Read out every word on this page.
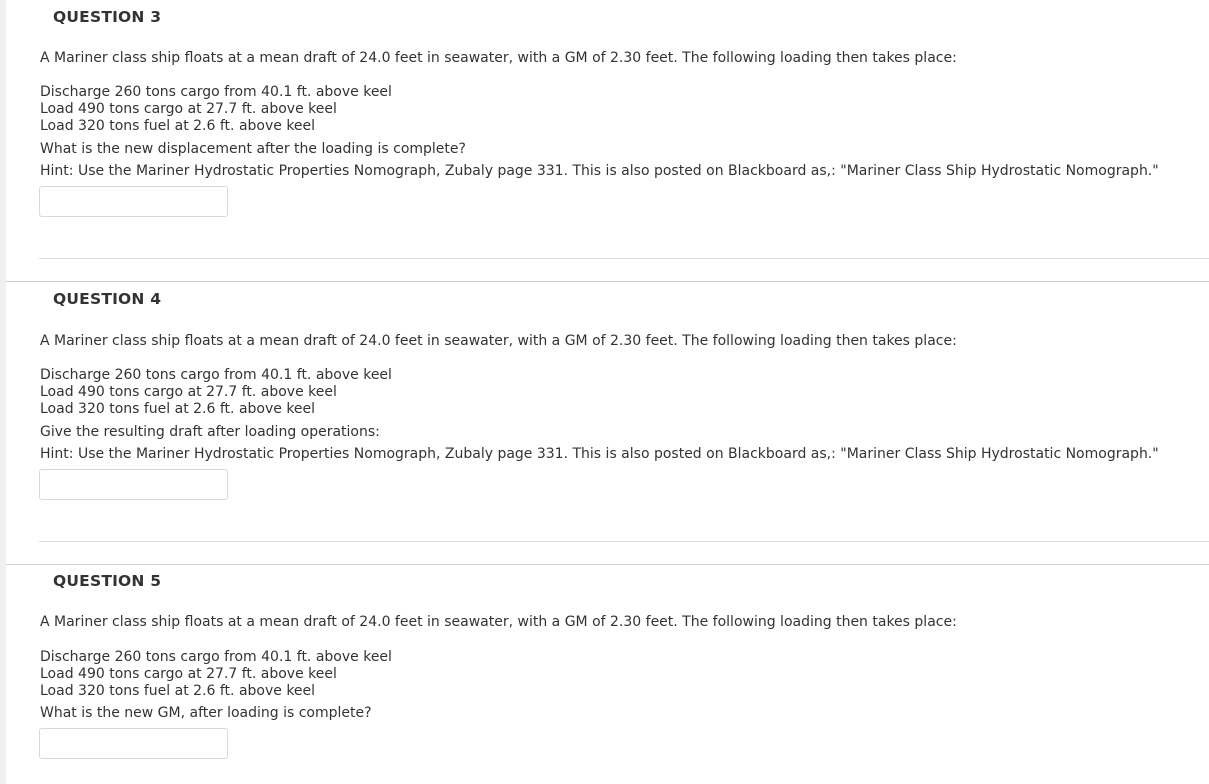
QUESTION 3
A Mariner class ship floats at a mean draft of 24.0 feet in seawater, with a GM of 2.30 feet. The following loading then takes place:
Discharge 260 tons cargo from 40.1 ft. above keel
Load 490 tons cargo at 27.7 ft. above keel
Load 320 tons fuel at 2.6 ft. above keel
What is the new displacement after the loading is complete?
Hint: Use the Mariner Hydrostatic Properties Nomograph, Zubaly page 331. This is also posted on Blackboard as,: "Mariner Class Ship Hydrostatic Nomograph."
QUESTION 4
A Mariner class ship floats at a mean draft of 24.0 feet in seawater, with a GM of 2.30 feet. The following loading then takes place:
Discharge 260 tons cargo from 40.1 ft. above keel
Load 490 tons cargo at 27.7 ft. above keel
Load 320 tons fuel at 2.6 ft. above keel
Give the resulting draft after loading operations:
Hint: Use the Mariner Hydrostatic Properties Nomograph, Zubaly page 331. This is also posted on Blackboard as,: "Mariner Class Ship Hydrostatic Nomograph."
QUESTION 5
A Mariner class ship floats at a mean draft of 24.0 feet in seawater, with a GM of 2.30 feet. The following loading then takes place:
Discharge 260 tons cargo from 40.1 ft. above keel
Load 490 tons cargo at 27.7 ft. above keel
Load 320 tons fuel at 2.6 ft. above keel
What is the new GM, after loading is complete?
